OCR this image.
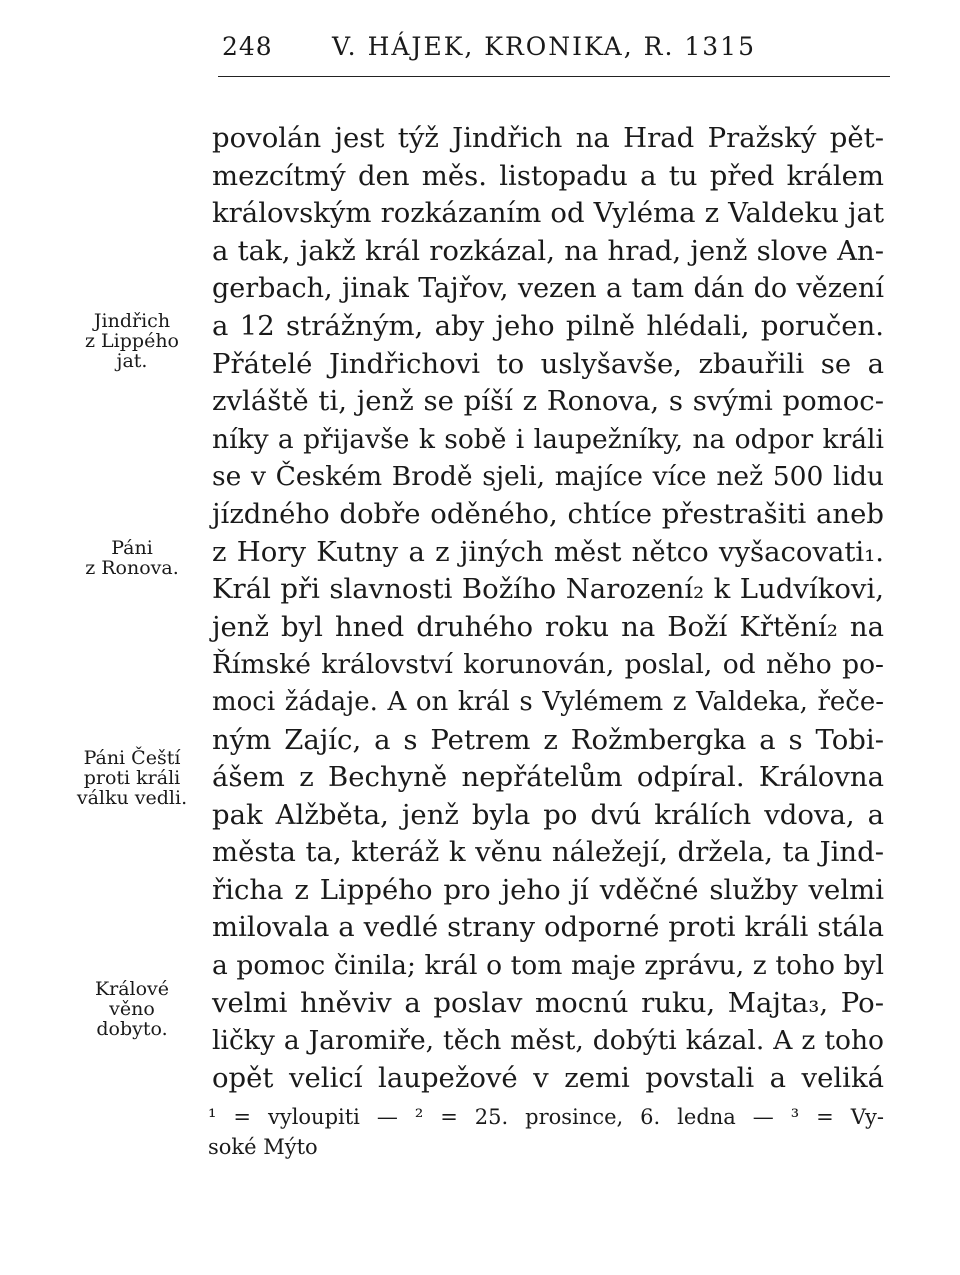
248 V. HÁJEK, KRONIKA, R. 1315
povolán jest týž Jindřich na Hrad Pražský pět-
mezcítmý den měs. listopadu a tu před králem
královským rozkázaním od Vyléma z Valdeku jat
a tak, jakž král rozkázal, na hrad, jenž slove An-
gerbach, jinak Tajřov, vezen a tam dán do vězení
a 12 strážným, aby jeho pilně hlédali, poručen.
Přátelé Jindřichovi to uslyšavše, zbauřili se a
zvláště ti, jenž se píší z Ronova, s svými pomoc-
níky a přijavše k sobě i laupežníky, na odpor králi
se v Českém Brodě sjeli, majíce více než 500 lidu
jízdného dobře oděného, chtíce přestrašiti aneb
z Hory Kutny a z jiných měst nětco vyšacovati₁.
Král při slavnosti Božího Narození₂ k Ludvíkovi,
jenž byl hned druhého roku na Boží Křtění₂ na
Římské království korunován, poslal, od něho po-
moci žádaje. A on král s Vylémem z Valdeka, řeče-
ným Zajíc, a s Petrem z Rožmbergka a s Tobi-
ášem z Bechyně nepřátelům odpíral. Královna
pak Alžběta, jenž byla po dvú králích vdova, a
města ta, kteráž k věnu náležejí, držela, ta Jind-
řicha z Lippého pro jeho jí vděčné služby velmi
milovala a vedlé strany odporné proti králi stála
a pomoc činila; král o tom maje zprávu, z toho byl
velmi hněviv a poslav mocnú ruku, Majta₃, Po-
ličky a Jaromiře, těch měst, dobýti kázal. A z toho
opět velicí laupežové v zemi povstali a veliká
Jindřich
z Lippého
jat.
Páni
z Ronova.
Páni Čeští
proti králi
válku vedli.
Králové
věno
dobyto.
¹ = vyloupiti — ² = 25. prosince, 6. ledna — ³ = Vy-
soké Mýto
